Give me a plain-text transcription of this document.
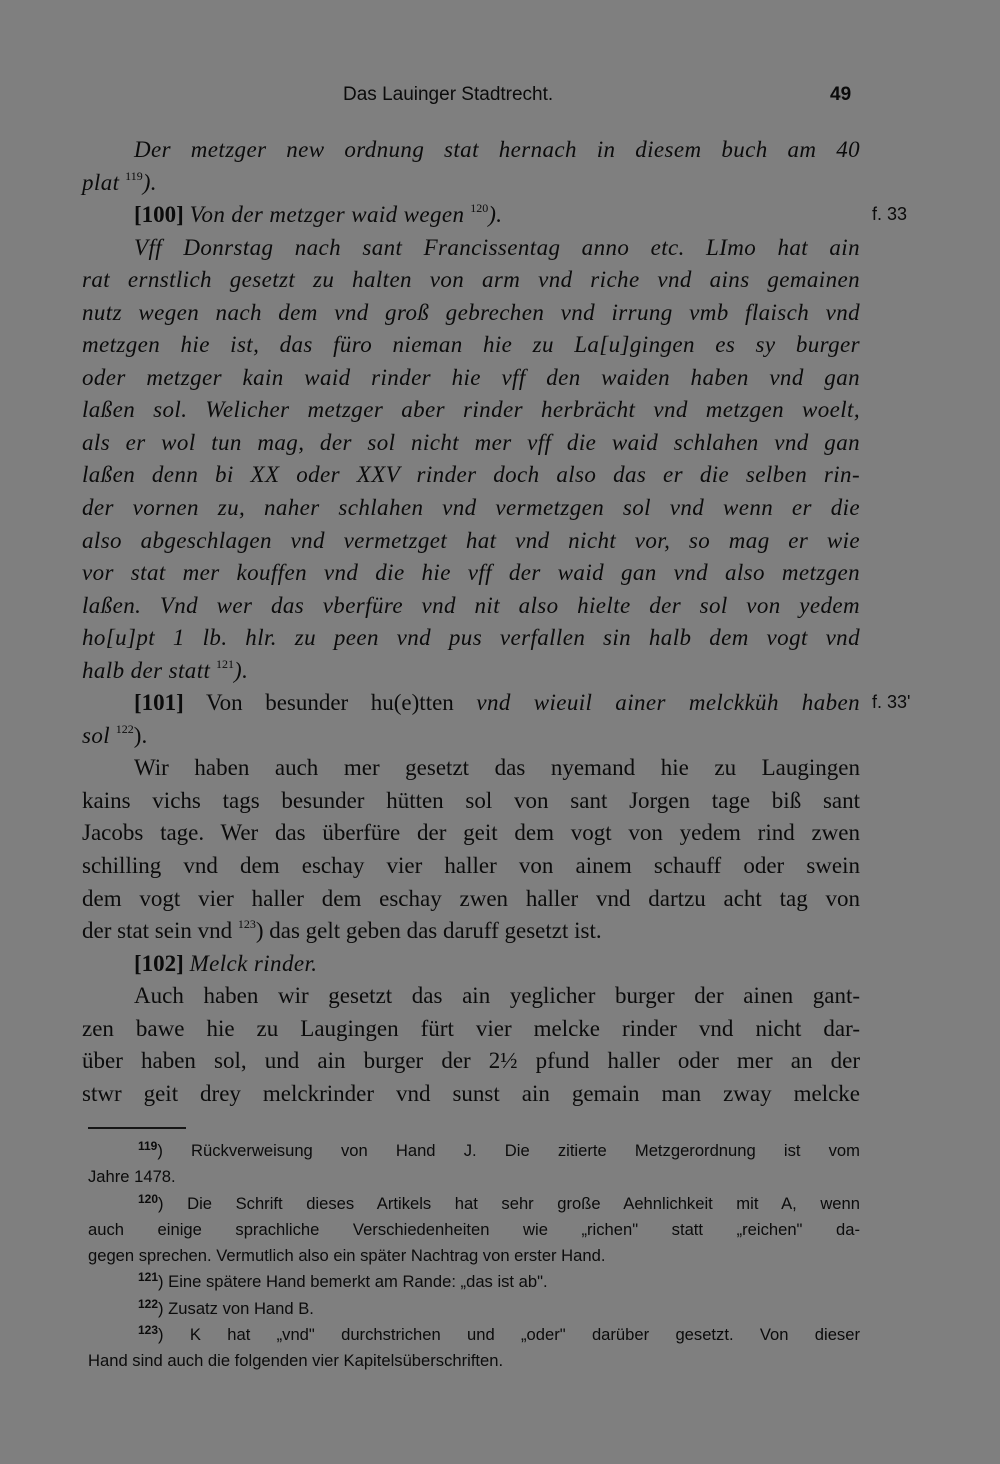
Das Lauinger Stadtrecht.	49
f. 33
f. 33'
Der metzger new ordnung stat hernach in diesem buch am 40
plat $^{119}$).
[100] Von der metzger waid wegen $^{120}$).
Vff Donrstag nach sant Francissentag anno etc. LImo hat ain
rat ernstlich gesetzt zu halten von arm vnd riche vnd ains gemainen
nutz wegen nach dem vnd groß gebrechen vnd irrung vmb flaisch vnd
metzgen hie ist, das füro nieman hie zu La[u]gingen es sy burger
oder metzger kain waid rinder hie vff den waiden haben vnd gan
laßen sol. Welicher metzger aber rinder herbrächt vnd metzgen woelt,
als er wol tun mag, der sol nicht mer vff die waid schlahen vnd gan
laßen denn bi XX oder XXV rinder doch also das er die selben rin-
der vornen zu, naher schlahen vnd vermetzgen sol vnd wenn er die
also abgeschlagen vnd vermetzget hat vnd nicht vor, so mag er wie
vor stat mer kouffen vnd die hie vff der waid gan vnd also metzgen
laßen. Vnd wer das vberfüre vnd nit also hielte der sol von yedem
ho[u]pt 1 lb. hlr. zu peen vnd pus verfallen sin halb dem vogt vnd
halb der statt $^{121}$).
[101] Von besunder hu(e)tten vnd wieuil ainer melckküh haben
sol $^{122}$).
Wir haben auch mer gesetzt das nyemand hie zu Laugingen
kains vichs tags besunder hütten sol von sant Jorgen tage biß sant
Jacobs tage. Wer das überfüre der geit dem vogt von yedem rind zwen
schilling vnd dem eschay vier haller von ainem schauff oder swein
dem vogt vier haller dem eschay zwen haller vnd dartzu acht tag von
der stat sein vnd $^{123}$) das gelt geben das daruff gesetzt ist.
[102] Melck rinder.
Auch haben wir gesetzt das ain yeglicher burger der ainen gant-
zen bawe hie zu Laugingen fürt vier melcke rinder vnd nicht dar-
über haben sol, und ain burger der 2½ pfund haller oder mer an der
stwr geit drey melckrinder vnd sunst ain gemain man zway melcke
$^{119}$) Rückverweisung von Hand J. Die zitierte Metzgerordnung ist vom
Jahre 1478.
$^{120}$) Die Schrift dieses Artikels hat sehr große Aehnlichkeit mit A, wenn
auch einige sprachliche Verschiedenheiten wie „richen" statt „reichen" da-
gegen sprechen. Vermutlich also ein später Nachtrag von erster Hand.
$^{121}$) Eine spätere Hand bemerkt am Rande: „das ist ab".
$^{122}$) Zusatz von Hand B.
$^{123}$) K hat „vnd" durchstrichen und „oder" darüber gesetzt. Von dieser
Hand sind auch die folgenden vier Kapitelsüberschriften.
